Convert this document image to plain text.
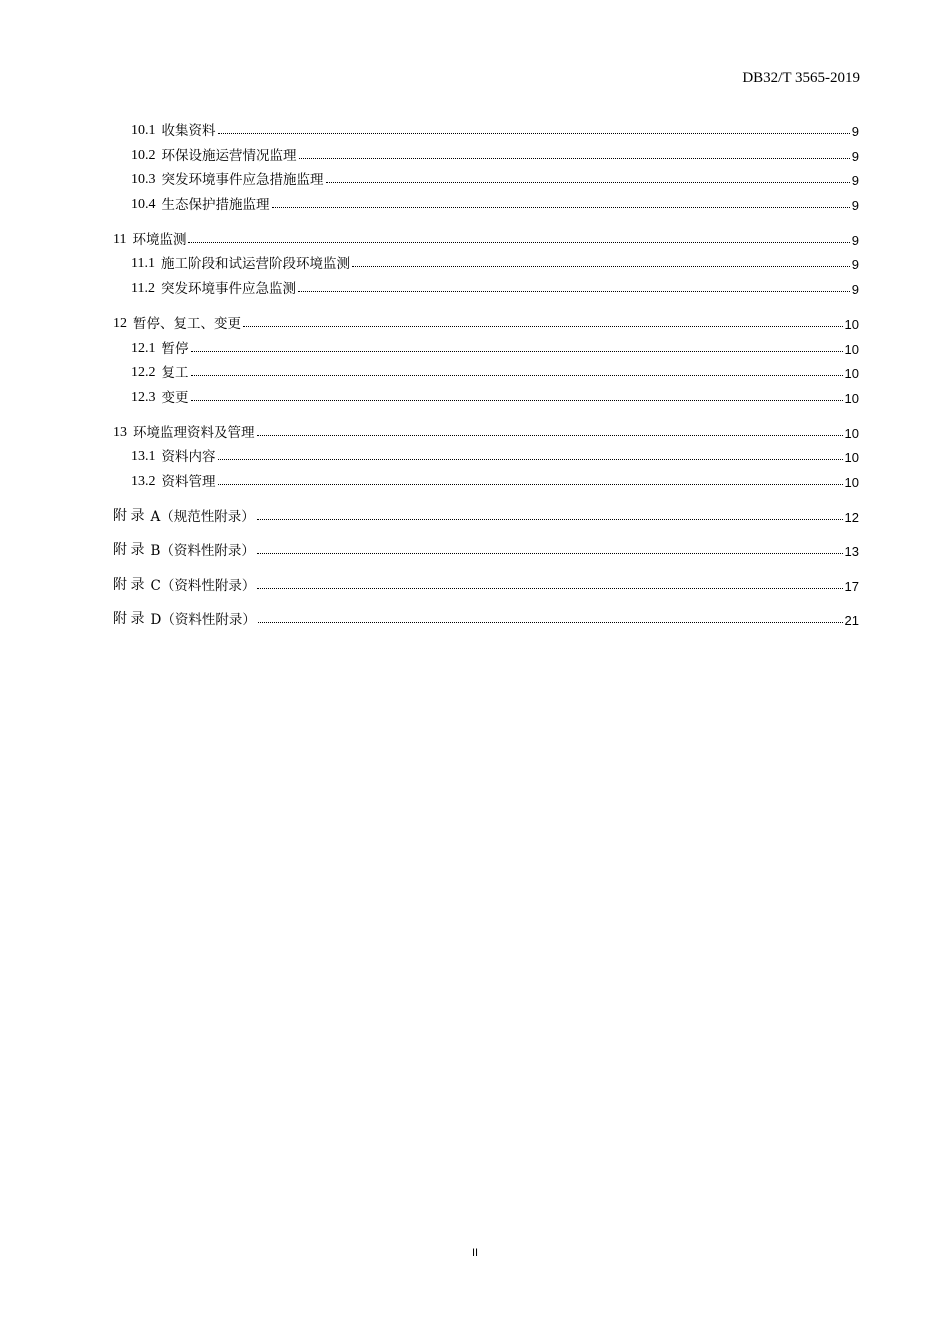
DB32/T 3565-2019
10.1 收集资料	9
10.2 环保设施运营情况监理	9
10.3 突发环境事件应急措施监理	9
10.4 生态保护措施监理	9
11 环境监测	9
11.1 施工阶段和试运营阶段环境监测	9
11.2 突发环境事件应急监测	9
12 暂停、复工、变更	10
12.1 暂停	10
12.2 复工	10
12.3 变更	10
13 环境监理资料及管理	10
13.1 资料内容	10
13.2 资料管理	10
附 录 A（规范性附录）	12
附 录 B（资料性附录）	13
附 录 C（资料性附录）	17
附 录 D（资料性附录）	21
II
